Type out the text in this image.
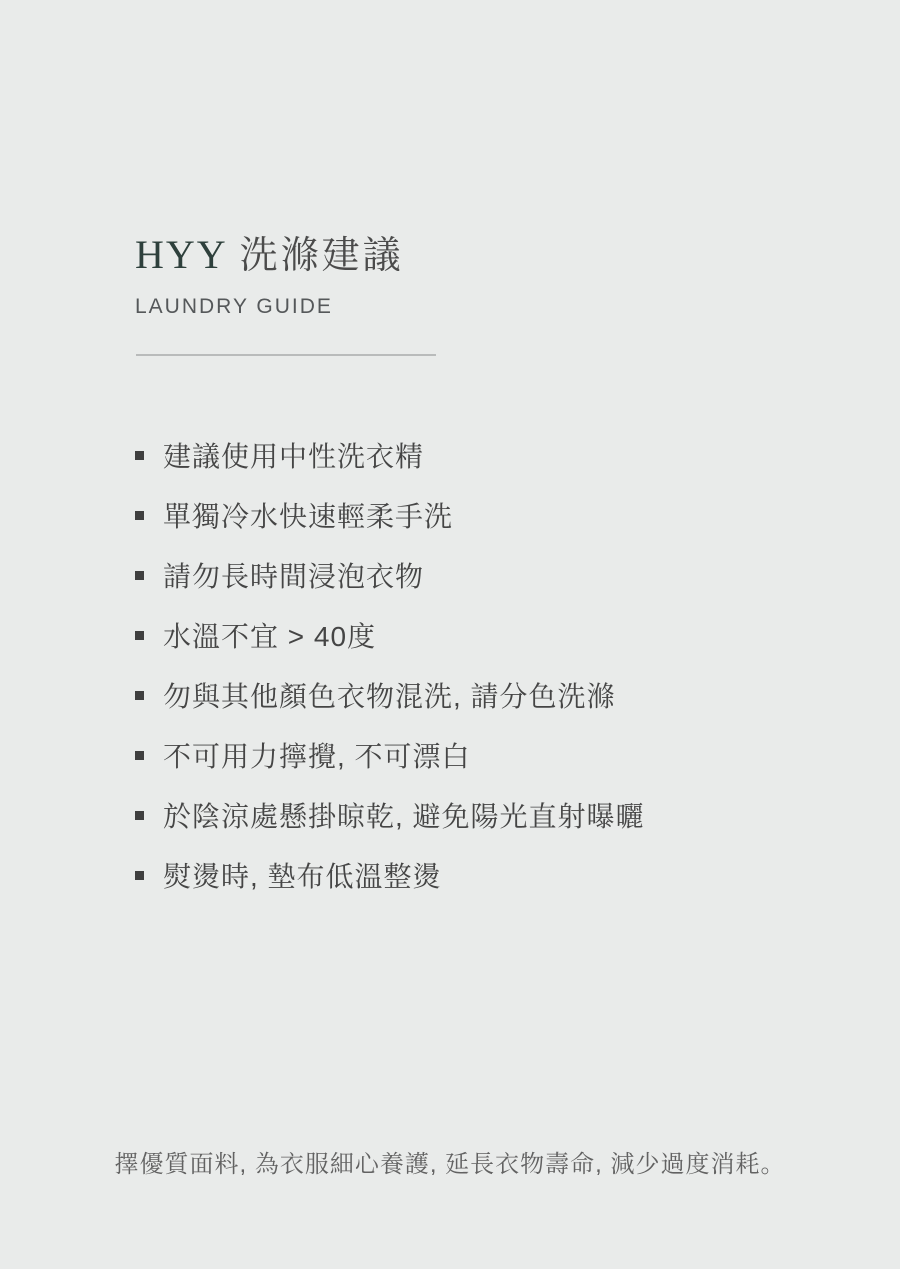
HYY 洗滌建議
LAUNDRY GUIDE
建議使用中性洗衣精
單獨冷水快速輕柔手洗
請勿長時間浸泡衣物
水溫不宜 > 40度
勿與其他顏色衣物混洗, 請分色洗滌
不可用力擰攪, 不可漂白
於陰涼處懸掛晾乾, 避免陽光直射曝曬
熨燙時, 墊布低溫整燙

擇優質面料, 為衣服細心養護, 延長衣物壽命, 減少過度消耗。
